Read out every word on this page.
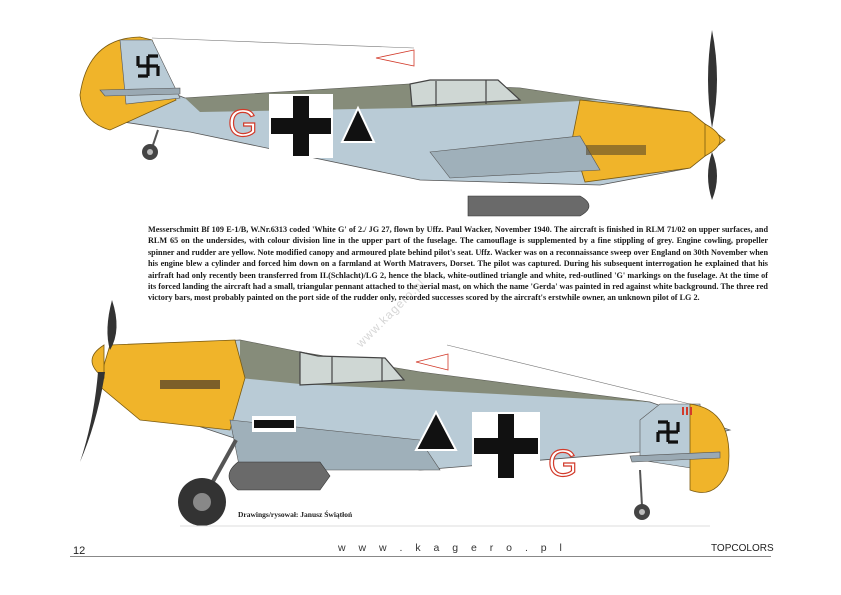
G
Messerschmitt Bf 109 E-1/B, W.Nr.6313 coded 'White G' of 2./ JG 27, flown by Uffz. Paul Wacker, November 1940. The aircraft is finished in RLM 71/02 on upper surfaces, and RLM 65 on the undersides, with colour division line in the upper part of the fuselage. The camouflage is supplemented by a fine stippling of grey. Engine cowling, propeller spinner and rudder are yellow. Note modified canopy and armoured plate behind pilot's seat. Uffz. Wacker was on a reconnaissance sweep over England on 30th November when his engine blew a cylinder and forced him down on a farmland at Worth Matravers, Dorset. The pilot was captured. During his subsequent interrogation he explained that his airfraft had only recently been transferred from II.(Schlacht)/LG 2, hence the black, white-outlined triangle and white, red-outlined 'G' markings on the fuselage. At the time of its forced landing the aircraft had a small, triangular pennant attached to the aerial mast, on which the name 'Gerda' was painted in red against white background. The three red victory bars, most probably painted on the port side of the rudder only, recorded successes scored by the aircraft's erstwhile owner, an unknown pilot of LG 2.
www.kagero.pl
G
Drawings/rysował: Janusz Świątłoń
12	w w w . k a g e r o . p l	TOPCOLORS
